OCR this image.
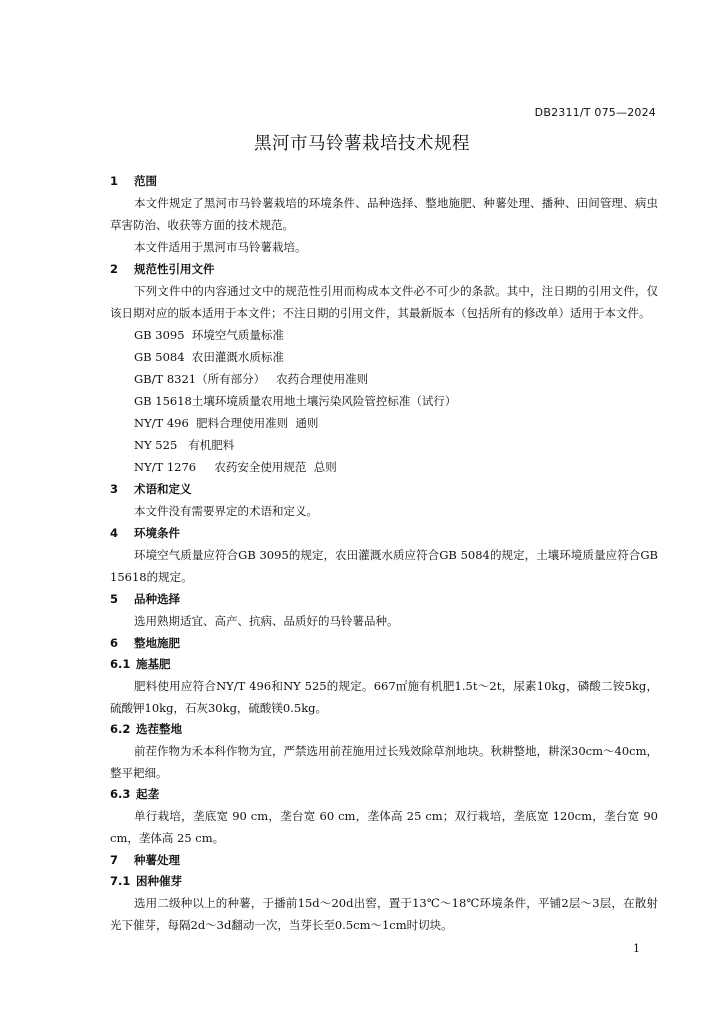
DB2311/T 075—2024
黑河市马铃薯栽培技术规程
1 范围
本文件规定了黑河市马铃薯栽培的环境条件、品种选择、整地施肥、种薯处理、播种、田间管理、病虫草害防治、收获等方面的技术规范。
本文件适用于黑河市马铃薯栽培。
2 规范性引用文件
下列文件中的内容通过文中的规范性引用而构成本文件必不可少的条款。其中，注日期的引用文件，仅该日期对应的版本适用于本文件；不注日期的引用文件，其最新版本（包括所有的修改单）适用于本文件。
GB 3095  环境空气质量标准
GB 5084  农田灌溉水质标准
GB/T 8321（所有部分）   农药合理使用准则
GB 15618土壤环境质量农用地土壤污染风险管控标准（试行）
NY/T 496  肥料合理使用准则  通则
NY 525   有机肥料
NY/T 1276     农药安全使用规范  总则
3 术语和定义
本文件没有需要界定的术语和定义。
4 环境条件
环境空气质量应符合GB 3095的规定，农田灌溉水质应符合GB 5084的规定，土壤环境质量应符合GB 15618的规定。
5 品种选择
选用熟期适宜、高产、抗病、品质好的马铃薯品种。
6 整地施肥
6.1 施基肥
肥料使用应符合NY/T 496和NY 525的规定。667㎡施有机肥1.5t～2t，尿素10kg，磷酸二铵5kg，硫酸钾10kg，石灰30kg，硫酸镁0.5kg。
6.2 选茬整地
前茬作物为禾本科作物为宜，严禁选用前茬施用过长残效除草剂地块。秋耕整地，耕深30cm～40cm，整平耙细。
6.3 起垄
单行栽培，垄底宽 90 cm，垄台宽 60 cm，垄体高 25 cm；双行栽培，垄底宽 120cm，垄台宽 90 cm，垄体高 25 cm。
7 种薯处理
7.1 困种催芽
选用二级种以上的种薯，于播前15d～20d出窖，置于13℃～18℃环境条件，平铺2层～3层，在散射光下催芽，每隔2d～3d翻动一次，当芽长至0.5cm～1cm时切块。
1
